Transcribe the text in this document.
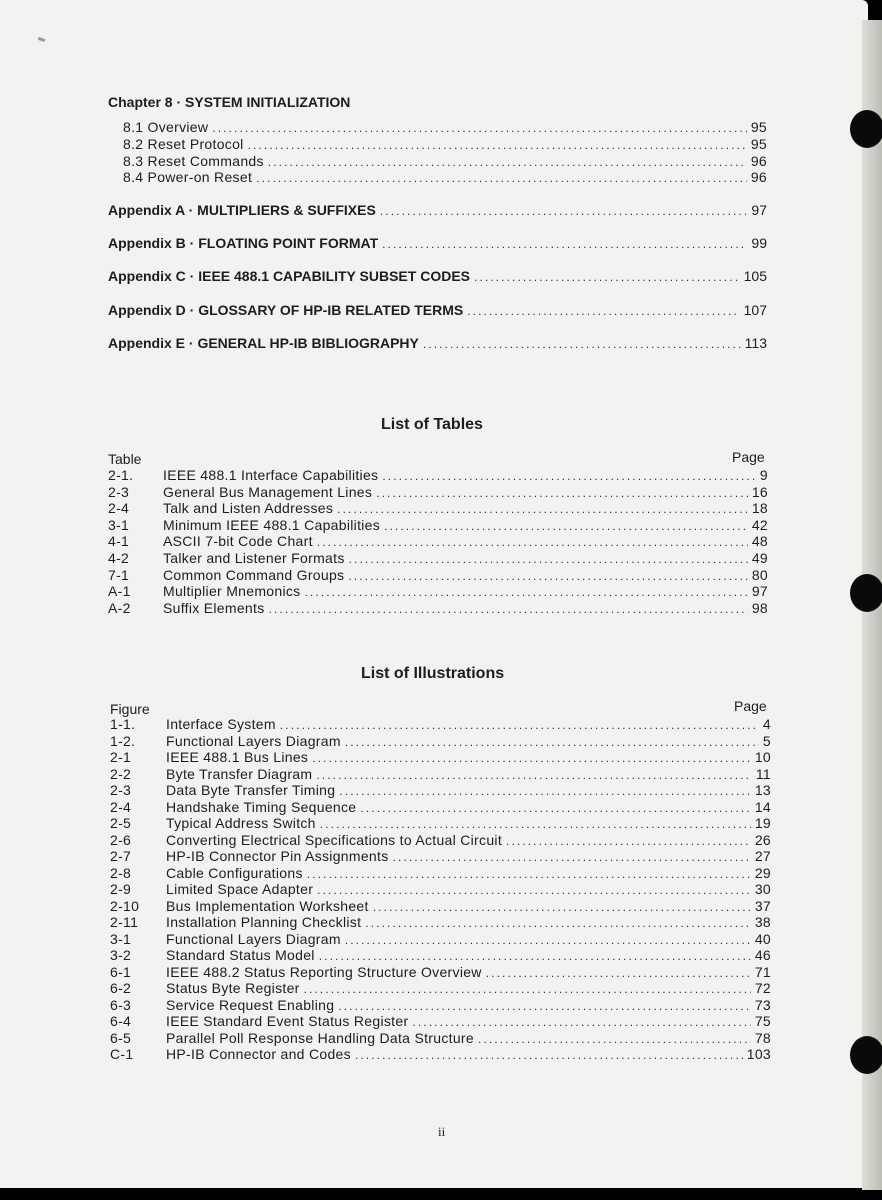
Chapter 8 · SYSTEM INITIALIZATION
8.1 Overview .....	95
8.2 Reset Protocol .....	95
8.3 Reset Commands .....	96
8.4 Power-on Reset .....	96
Appendix A · MULTIPLIERS & SUFFIXES .....	97
Appendix B · FLOATING POINT FORMAT .....	99
Appendix C · IEEE 488.1 CAPABILITY SUBSET CODES .....	105
Appendix D · GLOSSARY OF HP-IB RELATED TERMS .....	107
Appendix E · GENERAL HP-IB BIBLIOGRAPHY .....	113
List of Tables
Table	Page
2-1.	IEEE 488.1 Interface Capabilities .....	9
2-3	General Bus Management Lines .....	16
2-4	Talk and Listen Addresses .....	18
3-1	Minimum IEEE 488.1 Capabilities .....	42
4-1	ASCII 7-bit Code Chart .....	48
4-2	Talker and Listener Formats .....	49
7-1	Common Command Groups .....	80
A-1	Multiplier Mnemonics .....	97
A-2	Suffix Elements .....	98
List of Illustrations
Figure	Page
1-1.	Interface System .....	4
1-2.	Functional Layers Diagram .....	5
2-1	IEEE 488.1 Bus Lines .....	10
2-2	Byte Transfer Diagram .....	11
2-3	Data Byte Transfer Timing .....	13
2-4	Handshake Timing Sequence .....	14
2-5	Typical Address Switch .....	19
2-6	Converting Electrical Specifications to Actual Circuit .....	26
2-7	HP-IB Connector Pin Assignments .....	27
2-8	Cable Configurations .....	29
2-9	Limited Space Adapter .....	30
2-10	Bus Implementation Worksheet .....	37
2-11	Installation Planning Checklist .....	38
3-1	Functional Layers Diagram .....	40
3-2	Standard Status Model .....	46
6-1	IEEE 488.2 Status Reporting Structure Overview .....	71
6-2	Status Byte Register .....	72
6-3	Service Request Enabling .....	73
6-4	IEEE Standard Event Status Register .....	75
6-5	Parallel Poll Response Handling Data Structure .....	78
C-1	HP-IB Connector and Codes .....	103
ii
